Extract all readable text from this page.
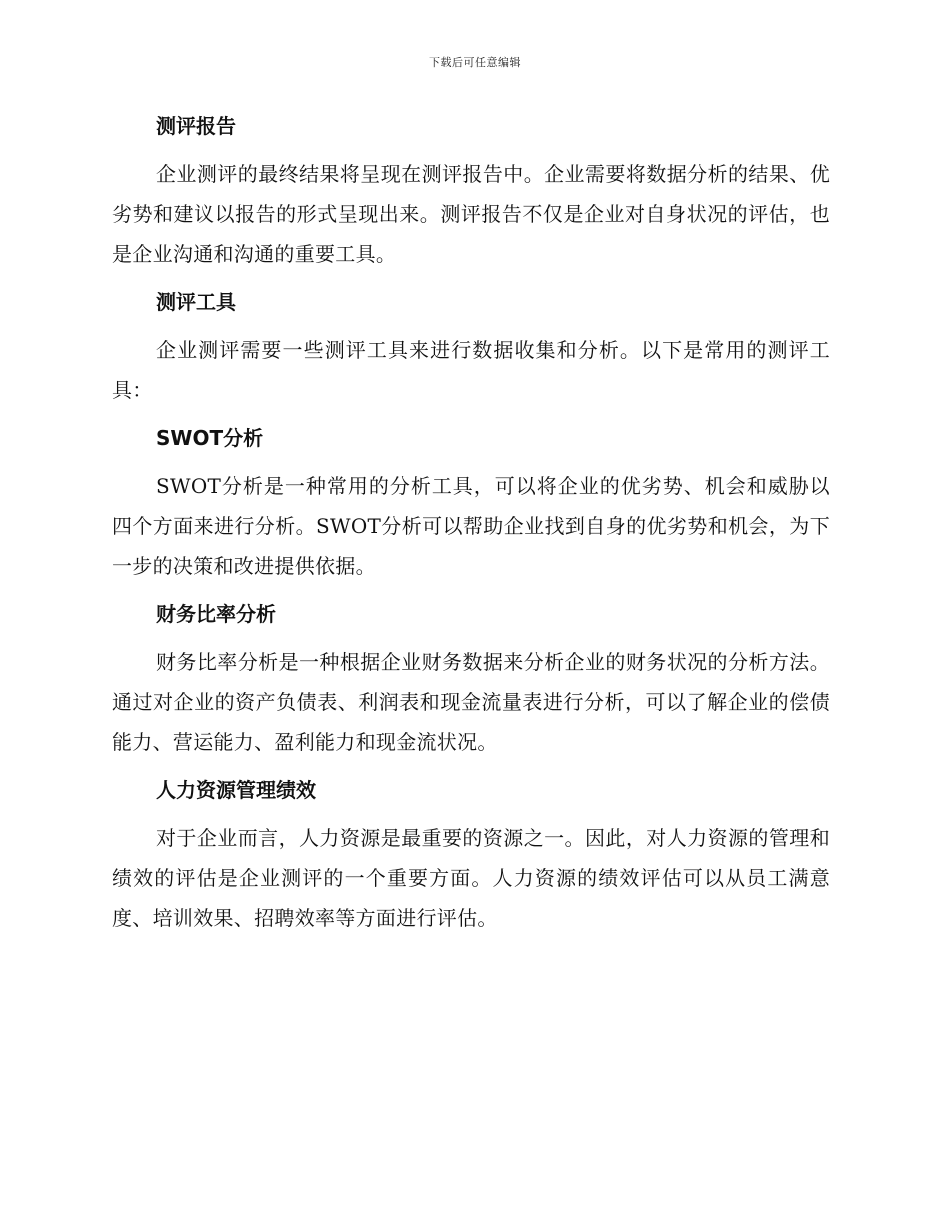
下载后可任意编辑
测评报告

企业测评的最终结果将呈现在测评报告中。企业需要将数据分析的结果、优劣势和建议以报告的形式呈现出来。测评报告不仅是企业对自身状况的评估，也是企业沟通和沟通的重要工具。

测评工具

企业测评需要一些测评工具来进行数据收集和分析。以下是常用的测评工具：

SWOT分析

SWOT分析是一种常用的分析工具，可以将企业的优劣势、机会和威胁以四个方面来进行分析。SWOT分析可以帮助企业找到自身的优劣势和机会，为下一步的决策和改进提供依据。

财务比率分析

财务比率分析是一种根据企业财务数据来分析企业的财务状况的分析方法。通过对企业的资产负债表、利润表和现金流量表进行分析，可以了解企业的偿债能力、营运能力、盈利能力和现金流状况。

人力资源管理绩效

对于企业而言，人力资源是最重要的资源之一。因此，对人力资源的管理和绩效的评估是企业测评的一个重要方面。人力资源的绩效评估可以从员工满意度、培训效果、招聘效率等方面进行评估。
